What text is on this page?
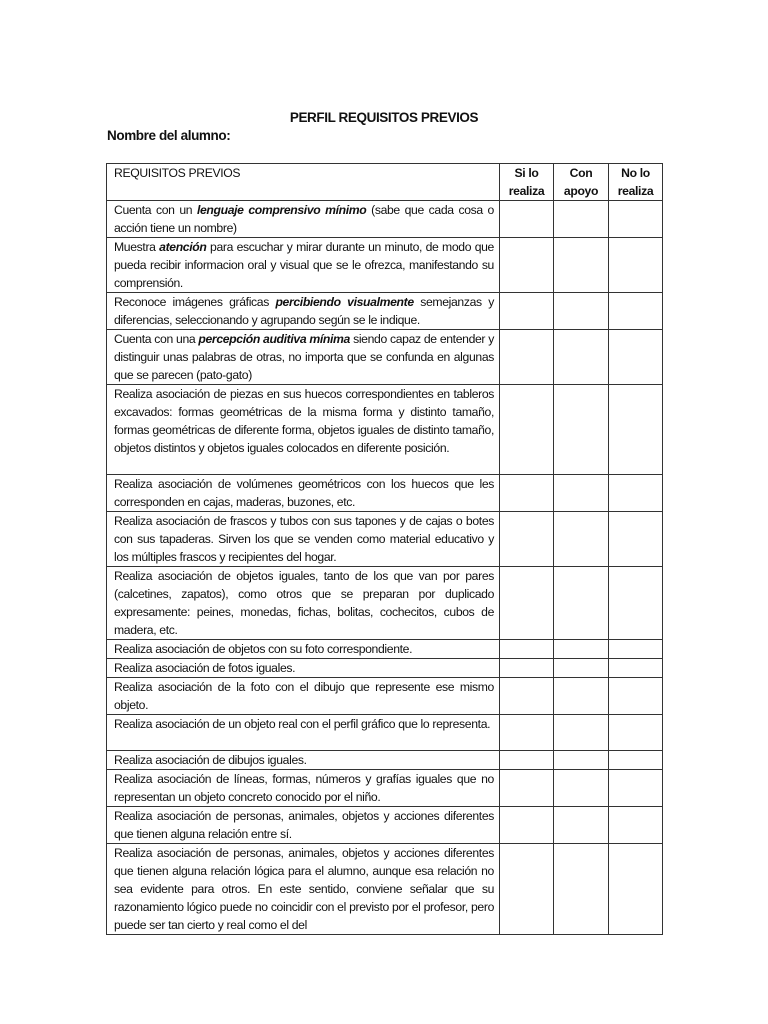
PERFIL REQUISITOS PREVIOS
Nombre del alumno:
REQUISITOS PREVIOS	Si lo realiza	Con apoyo	No lo realiza
Cuenta con un lenguaje comprensivo mínimo (sabe que cada cosa o acción tiene un nombre)			
Muestra atención para escuchar y mirar durante un minuto, de modo que pueda recibir informacion oral y visual que se le ofrezca, manifestando su comprensión.			
Reconoce imágenes gráficas percibiendo visualmente semejanzas y diferencias, seleccionando y agrupando según se le indique.			
Cuenta con una percepción auditiva mínima siendo capaz de entender y distinguir unas palabras de otras, no importa que se confunda en algunas que se parecen (pato-gato)			
Realiza asociación de piezas en sus huecos correspondientes en tableros excavados: formas geométricas de la misma forma y distinto tamaño, formas geométricas de diferente forma, objetos iguales de distinto tamaño, objetos distintos y objetos iguales colocados en diferente posición.			
Realiza asociación de volúmenes geométricos con los huecos que les corresponden en cajas, maderas, buzones, etc.			
Realiza asociación de frascos y tubos con sus tapones y de cajas o botes con sus tapaderas. Sirven los que se venden como material educativo y los múltiples frascos y recipientes del hogar.			
Realiza asociación de objetos iguales, tanto de los que van por pares (calcetines, zapatos), como otros que se preparan por duplicado expresamente: peines, monedas, fichas, bolitas, cochecitos, cubos de madera, etc.			
Realiza asociación de objetos con su foto correspondiente.			
Realiza asociación de fotos iguales.			
Realiza asociación de la foto con el dibujo que represente ese mismo objeto.			
Realiza asociación de un objeto real con el perfil gráfico que lo representa.			
Realiza asociación de dibujos iguales.			
Realiza asociación de líneas, formas, números y grafías iguales que no representan un objeto concreto conocido por el niño.			
Realiza asociación de personas, animales, objetos y acciones diferentes que tienen alguna relación entre sí.			
Realiza asociación de personas, animales, objetos y acciones diferentes que tienen alguna relación lógica para el alumno, aunque esa relación no sea evidente para otros. En este sentido, conviene señalar que su razonamiento lógico puede no coincidir con el previsto por el profesor, pero puede ser tan cierto y real como el del			
